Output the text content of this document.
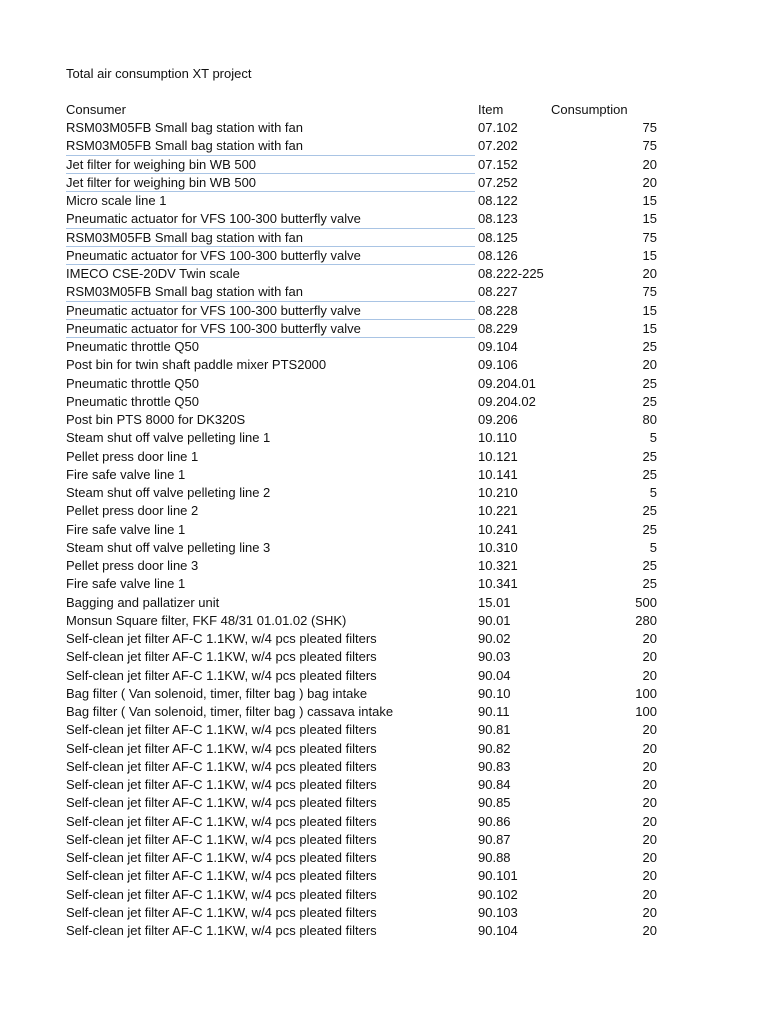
Total air consumption XT project
Consumer	Item	Consumption
RSM03M05FB Small bag station with fan	07.102	75
RSM03M05FB Small bag station with fan	07.202	75
Jet filter for weighing bin WB 500	07.152	20
Jet filter for weighing bin WB 500	07.252	20
Micro scale line 1	08.122	15
Pneumatic actuator for VFS 100-300 butterfly valve	08.123	15
RSM03M05FB Small bag station with fan	08.125	75
Pneumatic actuator for VFS 100-300 butterfly valve	08.126	15
IMECO CSE-20DV Twin scale	08.222-225	20
RSM03M05FB Small bag station with fan	08.227	75
Pneumatic actuator for VFS 100-300 butterfly valve	08.228	15
Pneumatic actuator for VFS 100-300 butterfly valve	08.229	15
Pneumatic throttle Q50	09.104	25
Post bin for twin shaft paddle mixer PTS2000	09.106	20
Pneumatic throttle Q50	09.204.01	25
Pneumatic throttle Q50	09.204.02	25
Post bin PTS 8000 for DK320S	09.206	80
Steam shut off valve pelleting line 1	10.110	5
Pellet press door line 1	10.121	25
Fire safe valve line 1	10.141	25
Steam shut off valve pelleting line 2	10.210	5
Pellet press door line 2	10.221	25
Fire safe valve line 1	10.241	25
Steam shut off valve pelleting line 3	10.310	5
Pellet press door line 3	10.321	25
Fire safe valve line 1	10.341	25
Bagging and pallatizer unit	15.01	500
Monsun Square filter, FKF 48/31 01.01.02 (SHK)	90.01	280
Self-clean jet filter AF-C 1.1KW, w/4 pcs pleated filters	90.02	20
Self-clean jet filter AF-C 1.1KW, w/4 pcs pleated filters	90.03	20
Self-clean jet filter AF-C 1.1KW, w/4 pcs pleated filters	90.04	20
Bag filter ( Van solenoid, timer, filter bag ) bag intake	90.10	100
Bag filter ( Van solenoid, timer, filter bag ) cassava intake	90.11	100
Self-clean jet filter AF-C 1.1KW, w/4 pcs pleated filters	90.81	20
Self-clean jet filter AF-C 1.1KW, w/4 pcs pleated filters	90.82	20
Self-clean jet filter AF-C 1.1KW, w/4 pcs pleated filters	90.83	20
Self-clean jet filter AF-C 1.1KW, w/4 pcs pleated filters	90.84	20
Self-clean jet filter AF-C 1.1KW, w/4 pcs pleated filters	90.85	20
Self-clean jet filter AF-C 1.1KW, w/4 pcs pleated filters	90.86	20
Self-clean jet filter AF-C 1.1KW, w/4 pcs pleated filters	90.87	20
Self-clean jet filter AF-C 1.1KW, w/4 pcs pleated filters	90.88	20
Self-clean jet filter AF-C 1.1KW, w/4 pcs pleated filters	90.101	20
Self-clean jet filter AF-C 1.1KW, w/4 pcs pleated filters	90.102	20
Self-clean jet filter AF-C 1.1KW, w/4 pcs pleated filters	90.103	20
Self-clean jet filter AF-C 1.1KW, w/4 pcs pleated filters	90.104	20
